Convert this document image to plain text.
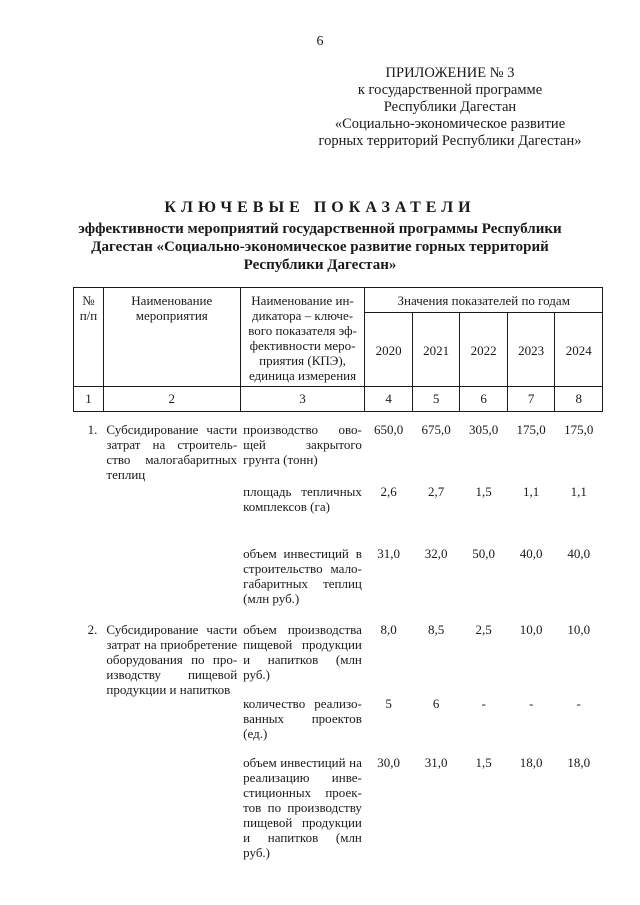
6
ПРИЛОЖЕНИЕ № 3
к государственной программе
Республики Дагестан
«Социально-экономическое развитие
горных территорий Республики Дагестан»
КЛЮЧЕВЫЕ ПОКАЗАТЕЛИ
эффективности мероприятий государственной программы Республики
Дагестан «Социально-экономическое развитие горных территорий
Республики Дагестан»
№ п/п	Наименование мероприятия	Наименование ин-дикатора – ключе-вого показателя эф-фективности меро-приятия (КПЭ), единица измерения	Значения показателей по годам				
			2020	2021	2022	2023	2024
1	2	3	4	5	6	7	8
1.	Субсидирование части затрат на строитель-ство малогабаритных теплиц	производство ово-щей закрытого грунта (тонн)	650,0	675,0	305,0	175,0	175,0
		площадь тепличных комплексов (га)	2,6	2,7	1,5	1,1	1,1
		объем инвестиций в строительство мало-габаритных теплиц (млн руб.)	31,0	32,0	50,0	40,0	40,0
2.	Субсидирование части затрат на приобретение оборудования по про-изводству пищевой продукции и напитков	объем производства пищевой продукции и напитков (млн руб.)	8,0	8,5	2,5	10,0	10,0
		количество реализо-ванных проектов (ед.)	5	6	-	-	-
		объем инвестиций на реализацию инве-стиционных проек-тов по производству пищевой продукции и напитков (млн руб.)	30,0	31,0	1,5	18,0	18,0
